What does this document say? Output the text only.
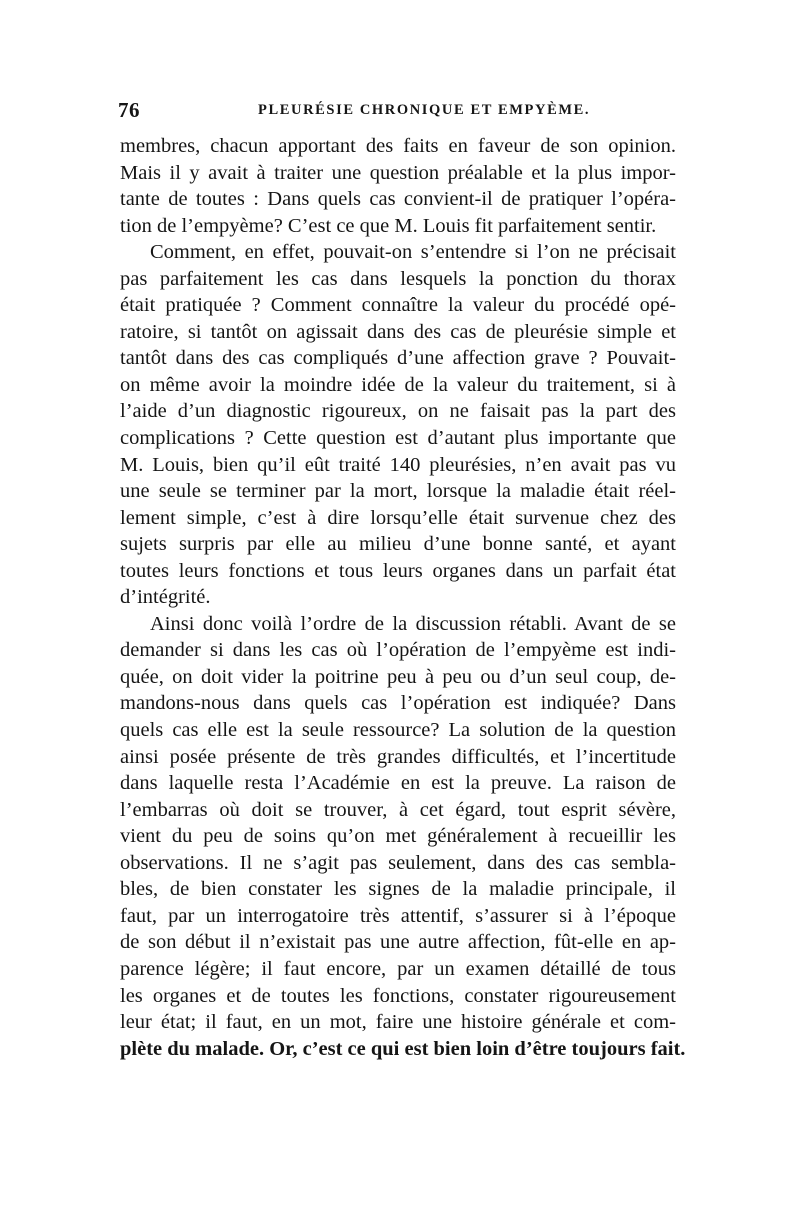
76	PLEURÉSIE CHRONIQUE ET EMPYÈME.
membres, chacun apportant des faits en faveur de son opinion.
Mais il y avait à traiter une question préalable et la plus impor-
tante de toutes : Dans quels cas convient-il de pratiquer l’opéra-
tion de l’empyème? C’est ce que M. Louis fit parfaitement sentir.
Comment, en effet, pouvait-on s’entendre si l’on ne précisait
pas parfaitement les cas dans lesquels la ponction du thorax
était pratiquée ? Comment connaître la valeur du procédé opé-
ratoire, si tantôt on agissait dans des cas de pleurésie simple et
tantôt dans des cas compliqués d’une affection grave ? Pouvait-
on même avoir la moindre idée de la valeur du traitement, si à
l’aide d’un diagnostic rigoureux, on ne faisait pas la part des
complications ? Cette question est d’autant plus importante que
M. Louis, bien qu’il eût traité 140 pleurésies, n’en avait pas vu
une seule se terminer par la mort, lorsque la maladie était réel-
lement simple, c’est à dire lorsqu’elle était survenue chez des
sujets surpris par elle au milieu d’une bonne santé, et ayant
toutes leurs fonctions et tous leurs organes dans un parfait état
d’intégrité.
Ainsi donc voilà l’ordre de la discussion rétabli. Avant de se
demander si dans les cas où l’opération de l’empyème est indi-
quée, on doit vider la poitrine peu à peu ou d’un seul coup, de-
mandons-nous dans quels cas l’opération est indiquée? Dans
quels cas elle est la seule ressource? La solution de la question
ainsi posée présente de très grandes difficultés, et l’incertitude
dans laquelle resta l’Académie en est la preuve. La raison de
l’embarras où doit se trouver, à cet égard, tout esprit sévère,
vient du peu de soins qu’on met généralement à recueillir les
observations. Il ne s’agit pas seulement, dans des cas sembla-
bles, de bien constater les signes de la maladie principale, il
faut, par un interrogatoire très attentif, s’assurer si à l’époque
de son début il n’existait pas une autre affection, fût-elle en ap-
parence légère; il faut encore, par un examen détaillé de tous
les organes et de toutes les fonctions, constater rigoureusement
leur état; il faut, en un mot, faire une histoire générale et com-
plète du malade. Or, c’est ce qui est bien loin d’être toujours fait.
